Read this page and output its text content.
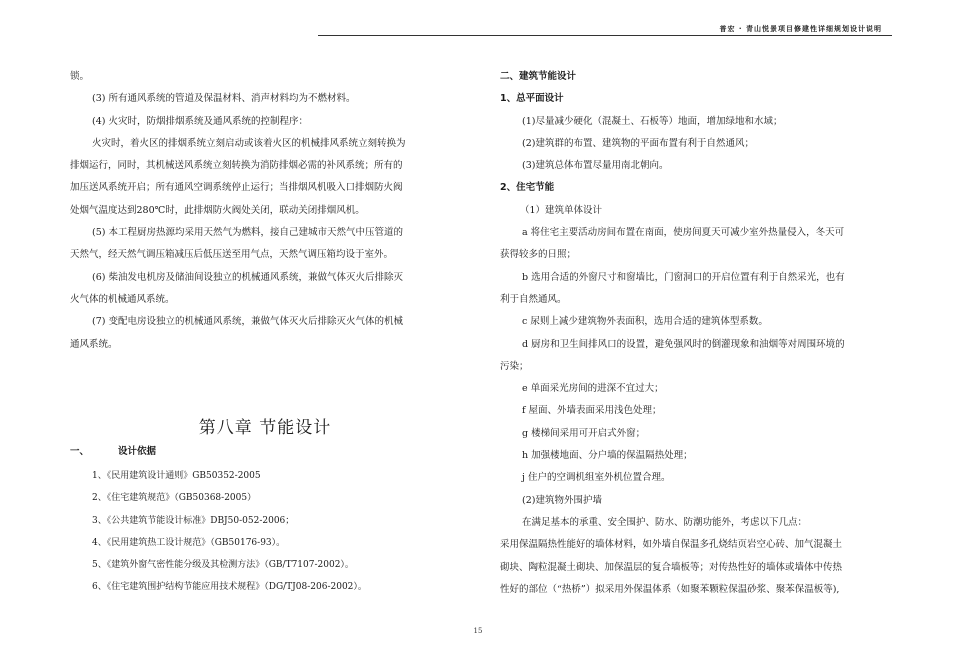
普宏 · 青山悦景项目修建性详细规划设计说明
锁。
(3) 所有通风系统的管道及保温材料、消声材料均为不燃材料。
(4) 火灾时，防烟排烟系统及通风系统的控制程序：
火灾时，着火区的排烟系统立刻启动或该着火区的机械排风系统立刻转换为
排烟运行，同时，其机械送风系统立刻转换为消防排烟必需的补风系统；所有的
加压送风系统开启；所有通风空调系统停止运行；当排烟风机吸入口排烟防火阀
处烟气温度达到280℃时，此排烟防火阀处关闭，联动关闭排烟风机。
(5) 本工程厨房热源均采用天然气为燃料，接自己建城市天然气中压管道的
天然气，经天然气调压箱减压后低压送至用气点，天然气调压箱均设于室外。
(6) 柴油发电机房及储油间设独立的机械通风系统，兼做气体灭火后排除灭
火气体的机械通风系统。
(7) 变配电房设独立的机械通风系统，兼做气体灭火后排除灭火气体的机械
通风系统。
第八章 节能设计
一、	设计依据
1、《民用建筑设计通则》GB50352-2005
2、《住宅建筑规范》（GB50368-2005）
3、《公共建筑节能设计标准》DBJ50-052-2006；
4、《民用建筑热工设计规范》（GB50176-93）。
5、《建筑外窗气密性能分级及其检测方法》（GB/T7107-2002）。
6、《住宅建筑围护结构节能应用技术规程》（DG/TJ08-206-2002）。
二、建筑节能设计
1、总平面设计
(1)尽量减少硬化（混凝土、石板等）地面，增加绿地和水域；
(2)建筑群的布置、建筑物的平面布置有利于自然通风；
(3)建筑总体布置尽量用南北朝向。
2、住宅节能
（1）建筑单体设计
a 将住宅主要活动房间布置在南面，使房间夏天可减少室外热量侵入，冬天可
获得较多的日照；
b 选用合适的外窗尺寸和窗墙比，门窗洞口的开启位置有利于自然采光，也有
利于自然通风。
c 尿则上减少建筑物外表面积，选用合适的建筑体型系数。
d 厨房和卫生间排风口的设置，避免强风时的倒灌现象和油烟等对周围环境的
污染；
e 单面采光房间的进深不宜过大；
f 屋面、外墙表面采用浅色处理；
g 楼梯间采用可开启式外窗；
h 加强楼地面、分户墙的保温隔热处理；
j 住户的空调机组室外机位置合理。
(2)建筑物外围护墙
在满足基本的承重、安全围护、防水、防潮功能外，考虑以下几点：
采用保温隔热性能好的墙体材料，如外墙自保温多孔烧结页岩空心砖、加气混凝土
砌块、陶粒混凝土砌块、加保温层的复合墙板等；对传热性好的墙体或墙体中传热
性好的部位（“热桥”）拟采用外保温体系（如聚苯颗粒保温砂浆、聚苯保温板等),
15
